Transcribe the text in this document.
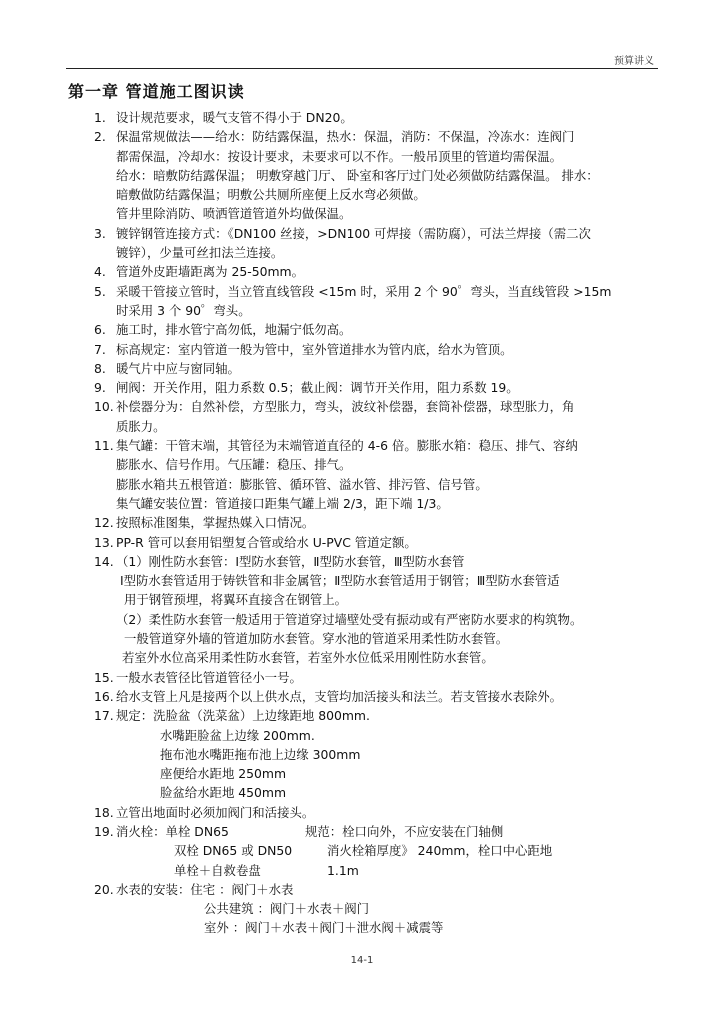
预算讲义
第一章 管道施工图识读
1. 设计规范要求，暖气支管不得小于 DN20。
2. 保温常规做法——给水：防结露保温，热水：保温，消防：不保温，冷冻水：连阀门
都需保温，冷却水：按设计要求，未要求可以不作。一般吊顶里的管道均需保温。
给水：暗敷防结露保温； 明敷穿越门厅、 卧室和客厅过门处必须做防结露保温。 排水：
暗敷做防结露保温；明敷公共厕所座便上反水弯必须做。
管井里除消防、喷洒管道管道外均做保温。
3. 镀锌钢管连接方式：《DN100 丝接，>DN100 可焊接（需防腐），可法兰焊接（需二次
镀锌），少量可丝扣法兰连接。
4. 管道外皮距墙距离为 25-50mm。
5. 采暖干管接立管时，当立管直线管段 <15m 时，采用 2 个 90゜弯头，当直线管段 >15m
时采用 3 个 90゜弯头。
6. 施工时，排水管宁高勿低，地漏宁低勿高。
7. 标高规定：室内管道一般为管中，室外管道排水为管内底，给水为管顶。
8. 暖气片中应与窗同轴。
9. 闸阀：开关作用，阻力系数 0.5；截止阀：调节开关作用，阻力系数 19。
10. 补偿器分为：自然补偿，方型胀力，弯头，波纹补偿器，套筒补偿器，球型胀力，角
质胀力。
11. 集气罐：干管末端，其管径为末端管道直径的 4-6 倍。膨胀水箱：稳压、排气、容纳
膨胀水、信号作用。气压罐：稳压、排气。
膨胀水箱共五根管道：膨胀管、循环管、溢水管、排污管、信号管。
集气罐安装位置：管道接口距集气罐上端 2/3，距下端 1/3。
12. 按照标准图集，掌握热媒入口情况。
13. PP-R 管可以套用铝塑复合管或给水 U-PVC 管道定额。
14. （1）刚性防水套管：Ⅰ型防水套管，Ⅱ型防水套管，Ⅲ型防水套管
Ⅰ型防水套管适用于铸铁管和非金属管；Ⅱ型防水套管适用于钢管；Ⅲ型防水套管适
用于钢管预埋，将翼环直接含在钢管上。
（2）柔性防水套管一般适用于管道穿过墙壁处受有振动或有严密防水要求的构筑物。
一般管道穿外墙的管道加防水套管。穿水池的管道采用柔性防水套管。
若室外水位高采用柔性防水套管，若室外水位低采用刚性防水套管。
15. 一般水表管径比管道管径小一号。
16. 给水支管上凡是接两个以上供水点，支管均加活接头和法兰。若支管接水表除外。
17. 规定：洗脸盆（洗菜盆）上边缘距地 800mm.
水嘴距脸盆上边缘 200mm.
拖布池水嘴距拖布池上边缘 300mm
座便给水距地 250mm
脸盆给水距地 450mm
18. 立管出地面时必须加阀门和活接头。
19. 消火栓：单栓 DN65	规范：栓口向外，不应安装在门轴侧
双栓 DN65 或 DN50	消火栓箱厚度》 240mm，栓口中心距地
单栓＋自救卷盘	1.1m
20. 水表的安装：住宅 ：阀门＋水表
公共建筑 ：阀门＋水表＋阀门
室外 ：阀门＋水表＋阀门＋泄水阀＋减震等
14-1
